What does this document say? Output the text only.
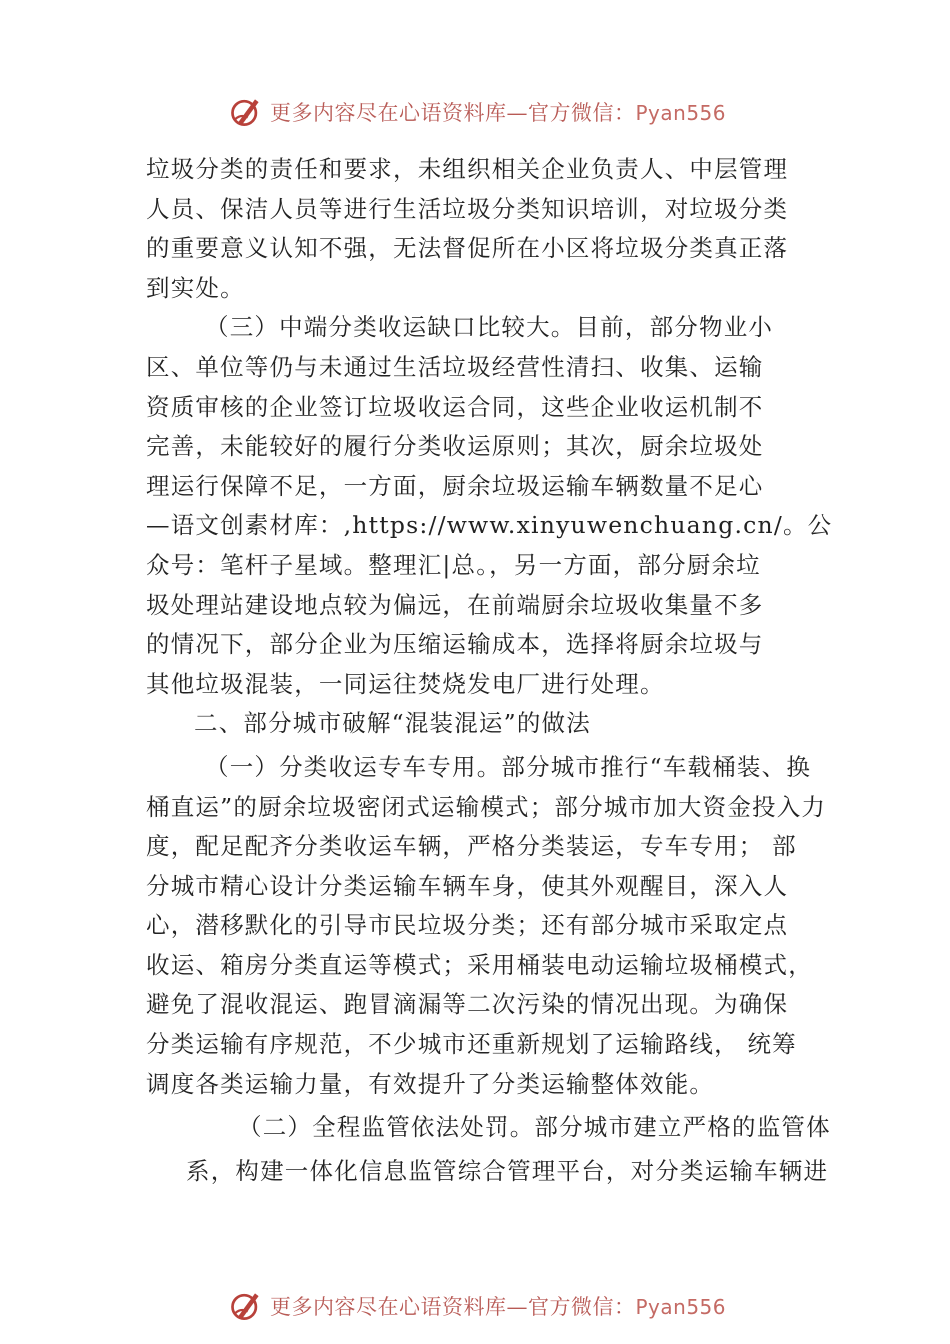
更多内容尽在心语资料库—官方微信：Pyan556
垃圾分类的责任和要求，未组织相关企业负责人、中层管理
人员、保洁人员等进行生活垃圾分类知识培训，对垃圾分类
的重要意义认知不强，无法督促所在小区将垃圾分类真正落
到实处。
（三）中端分类收运缺口比较大。目前，部分物业小
区、单位等仍与未通过生活垃圾经营性清扫、收集、运输
资质审核的企业签订垃圾收运合同，这些企业收运机制不
完善，未能较好的履行分类收运原则；其次，厨余垃圾处
理运行保障不足，一方面，厨余垃圾运输车辆数量不足心
—语文创素材库：,https://www.xinyuwenchuang.cn/。公
众号：笔杆子星域。整理汇|总。，另一方面，部分厨余垃
圾处理站建设地点较为偏远，在前端厨余垃圾收集量不多
的情况下，部分企业为压缩运输成本，选择将厨余垃圾与
其他垃圾混装，一同运往焚烧发电厂进行处理。
二、部分城市破解“混装混运”的做法
（一）分类收运专车专用。部分城市推行“车载桶装、换
桶直运”的厨余垃圾密闭式运输模式；部分城市加大资金投入力
度，配足配齐分类收运车辆，严格分类装运，专车专用； 部
分城市精心设计分类运输车辆车身，使其外观醒目，深入人
心，潜移默化的引导市民垃圾分类；还有部分城市采取定点
收运、箱房分类直运等模式；采用桶装电动运输垃圾桶模式，
避免了混收混运、跑冒滴漏等二次污染的情况出现。为确保
分类运输有序规范，不少城市还重新规划了运输路线， 统筹
调度各类运输力量，有效提升了分类运输整体效能。
（二）全程监管依法处罚。部分城市建立严格的监管体
系，构建一体化信息监管综合管理平台，对分类运输车辆进
更多内容尽在心语资料库—官方微信：Pyan556
